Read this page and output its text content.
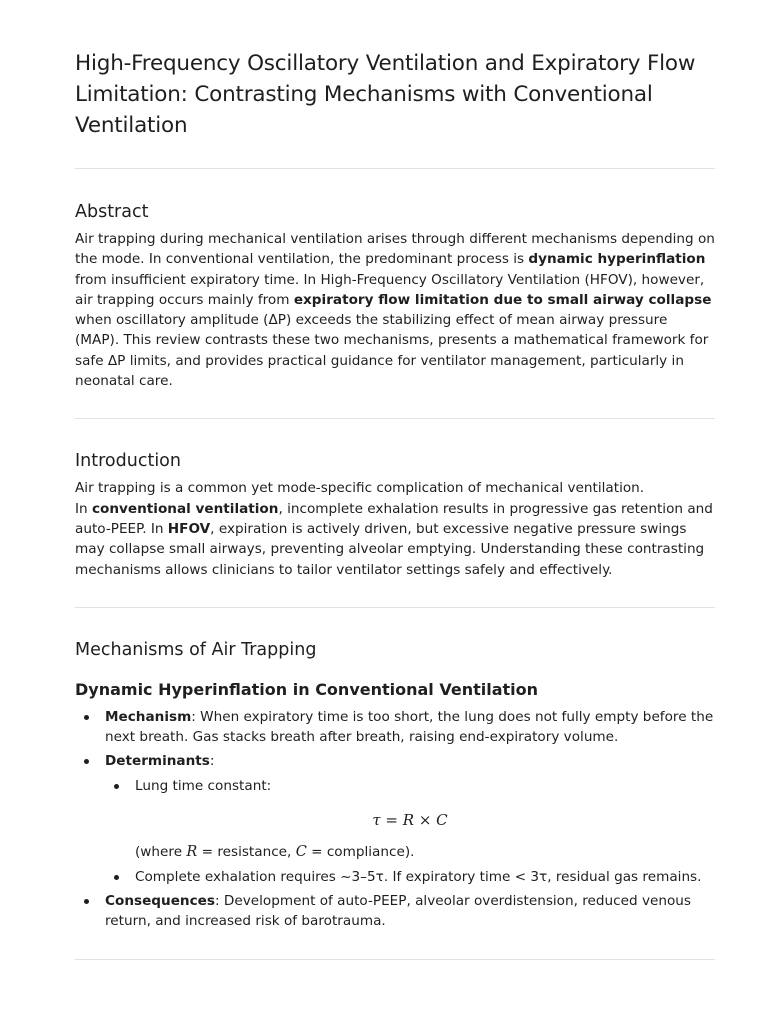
High-Frequency Oscillatory Ventilation and Expiratory Flow Limitation: Contrasting Mechanisms with Conventional Ventilation
Abstract

Air trapping during mechanical ventilation arises through different mechanisms depending on the mode. In conventional ventilation, the predominant process is dynamic hyperinflation from insufficient expiratory time. In High-Frequency Oscillatory Ventilation (HFOV), however, air trapping occurs mainly from expiratory flow limitation due to small airway collapse when oscillatory amplitude (ΔP) exceeds the stabilizing effect of mean airway pressure (MAP). This review contrasts these two mechanisms, presents a mathematical framework for safe ΔP limits, and provides practical guidance for ventilator management, particularly in neonatal care.

Introduction

Air trapping is a common yet mode-specific complication of mechanical ventilation.
In conventional ventilation, incomplete exhalation results in progressive gas retention and auto-PEEP. In HFOV, expiration is actively driven, but excessive negative pressure swings may collapse small airways, preventing alveolar emptying. Understanding these contrasting mechanisms allows clinicians to tailor ventilator settings safely and effectively.

Mechanisms of Air Trapping
Dynamic Hyperinflation in Conventional Ventilation
Mechanism: When expiratory time is too short, the lung does not fully empty before the next breath. Gas stacks breath after breath, raising end-expiratory volume.
Determinants:
Lung time constant:
τ = R × C
(where R = resistance, C = compliance).
Complete exhalation requires ~3–5τ. If expiratory time < 3τ, residual gas remains.
Consequences: Development of auto-PEEP, alveolar overdistension, reduced venous return, and increased risk of barotrauma.
